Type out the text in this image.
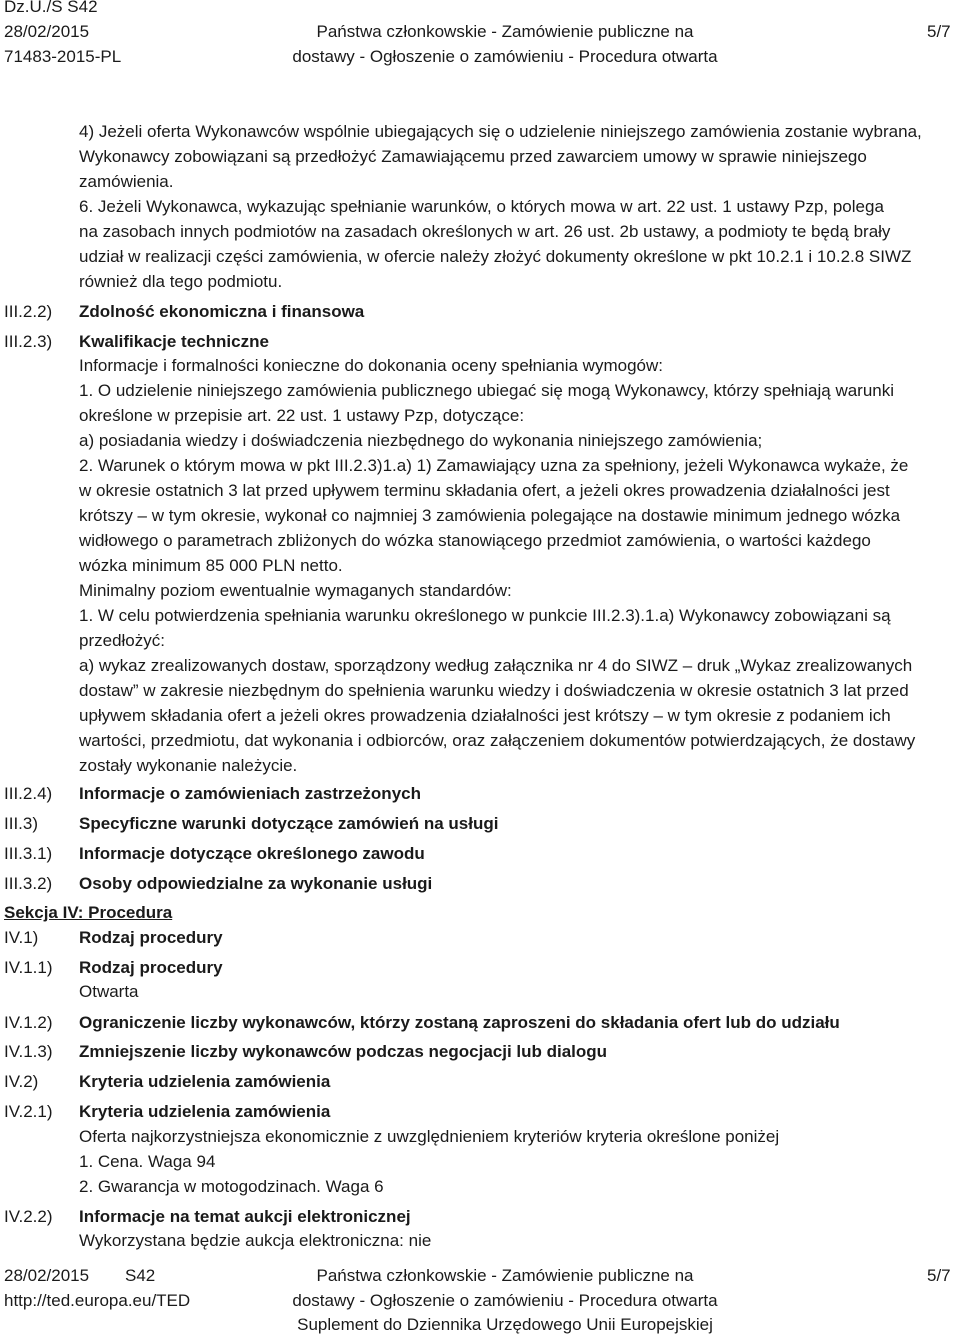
Dz.U./S S42
28/02/2015
71483-2015-PL
Państwa członkowskie - Zamówienie publiczne na
dostawy - Ogłoszenie o zamówieniu - Procedura otwarta
5/7
4) Jeżeli oferta Wykonawców wspólnie ubiegających się o udzielenie niniejszego zamówienia zostanie wybrana,
Wykonawcy zobowiązani są przedłożyć Zamawiającemu przed zawarciem umowy w sprawie niniejszego
zamówienia.
6. Jeżeli Wykonawca, wykazując spełnianie warunków, o których mowa w art. 22 ust. 1 ustawy Pzp, polega
na zasobach innych podmiotów na zasadach określonych w art. 26 ust. 2b ustawy, a podmioty te będą brały
udział w realizacji części zamówienia, w ofercie należy złożyć dokumenty określone w pkt 10.2.1 i 10.2.8 SIWZ
również dla tego podmiotu.
III.2.2) Zdolność ekonomiczna i finansowa
III.2.3) Kwalifikacje techniczne
Informacje i formalności konieczne do dokonania oceny spełniania wymogów:
1. O udzielenie niniejszego zamówienia publicznego ubiegać się mogą Wykonawcy, którzy spełniają warunki
określone w przepisie art. 22 ust. 1 ustawy Pzp, dotyczące:
a) posiadania wiedzy i doświadczenia niezbędnego do wykonania niniejszego zamówienia;
2. Warunek o którym mowa w pkt III.2.3)1.a) 1) Zamawiający uzna za spełniony, jeżeli Wykonawca wykaże, że
w okresie ostatnich 3 lat przed upływem terminu składania ofert, a jeżeli okres prowadzenia działalności jest
krótszy – w tym okresie, wykonał co najmniej 3 zamówienia polegające na dostawie minimum jednego wózka
widłowego o parametrach zbliżonych do wózka stanowiącego przedmiot zamówienia, o wartości każdego
wózka minimum 85 000 PLN netto.
Minimalny poziom ewentualnie wymaganych standardów:
1. W celu potwierdzenia spełniania warunku określonego w punkcie III.2.3).1.a) Wykonawcy zobowiązani są
przedłożyć:
a) wykaz zrealizowanych dostaw, sporządzony według załącznika nr 4 do SIWZ – druk „Wykaz zrealizowanych
dostaw” w zakresie niezbędnym do spełnienia warunku wiedzy i doświadczenia w okresie ostatnich 3 lat przed
upływem składania ofert a jeżeli okres prowadzenia działalności jest krótszy – w tym okresie z podaniem ich
wartości, przedmiotu, dat wykonania i odbiorców, oraz załączeniem dokumentów potwierdzających, że dostawy
zostały wykonanie należycie.
III.2.4) Informacje o zamówieniach zastrzeżonych
III.3) Specyficzne warunki dotyczące zamówień na usługi
III.3.1) Informacje dotyczące określonego zawodu
III.3.2) Osoby odpowiedzialne za wykonanie usługi
Sekcja IV: Procedura
IV.1) Rodzaj procedury
IV.1.1) Rodzaj procedury
Otwarta
IV.1.2) Ograniczenie liczby wykonawców, którzy zostaną zaproszeni do składania ofert lub do udziału
IV.1.3) Zmniejszenie liczby wykonawców podczas negocjacji lub dialogu
IV.2) Kryteria udzielenia zamówienia
IV.2.1) Kryteria udzielenia zamówienia
Oferta najkorzystniejsza ekonomicznie z uwzględnieniem kryteriów kryteria określone poniżej
1. Cena. Waga 94
2. Gwarancja w motogodzinach. Waga 6
IV.2.2) Informacje na temat aukcji elektronicznej
Wykorzystana będzie aukcja elektroniczna: nie
28/02/2015 S42
http://ted.europa.eu/TED
Państwa członkowskie - Zamówienie publiczne na
dostawy - Ogłoszenie o zamówieniu - Procedura otwarta
Suplement do Dziennika Urzędowego Unii Europejskiej
5/7
